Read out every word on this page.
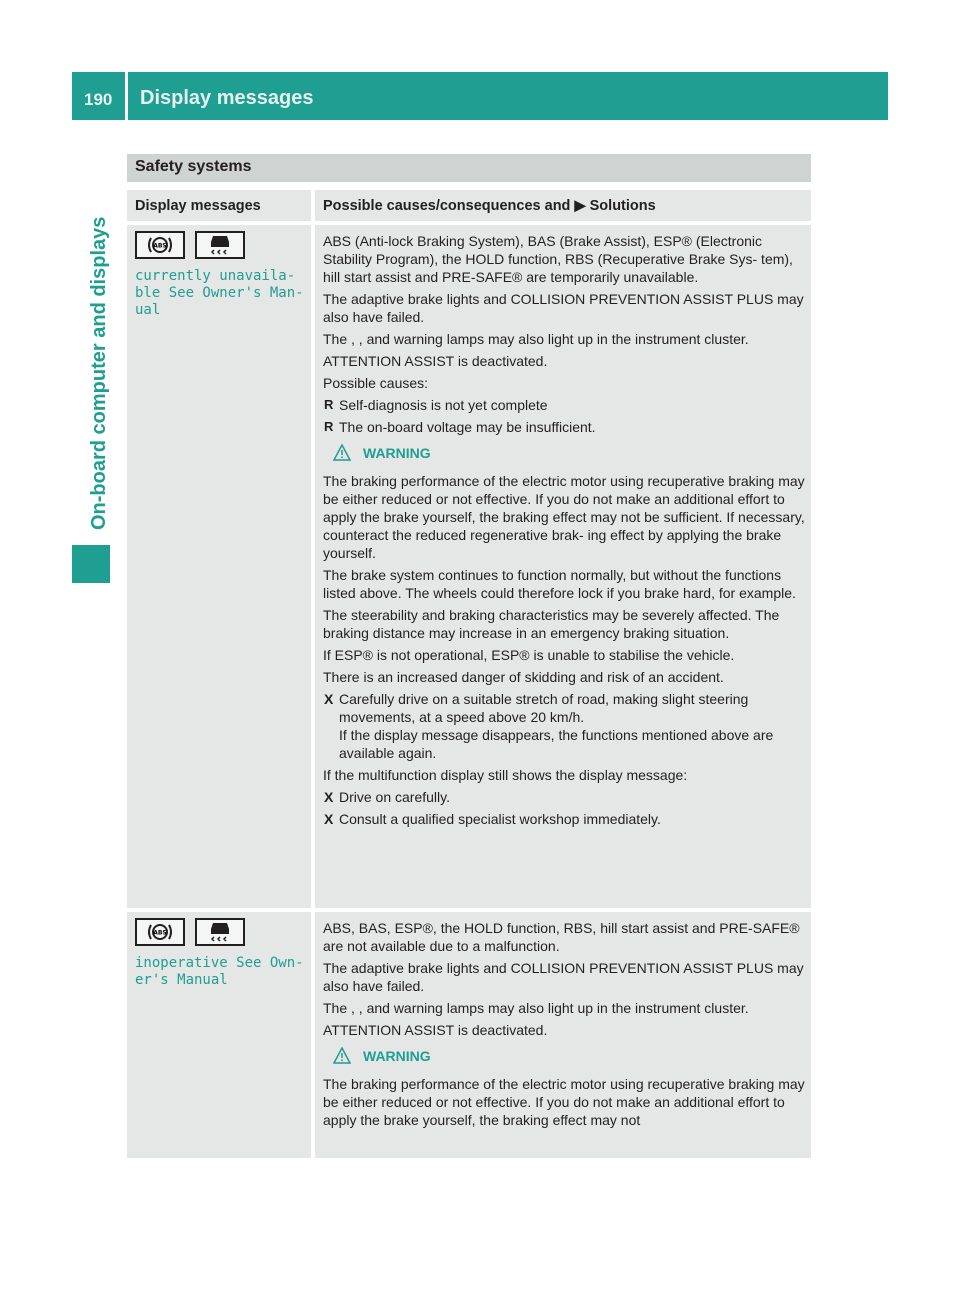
190 Display messages
On-board computer and displays
Safety systems
Display messages	Possible causes/consequences and ▶ Solutions
ABS
currently unavaila‐
ble See Owner's Man‐
ual

ABS (Anti-lock Braking System), BAS (Brake Assist), ESP® (Electronic Stability Program), the HOLD function, RBS (Recuperative Brake Sys- tem), hill start assist and PRE-SAFE® are temporarily unavailable.

The adaptive brake lights and COLLISION PREVENTION ASSIST PLUS may also have failed.

The , , and warning lamps may also light up in the instrument cluster.

ATTENTION ASSIST is deactivated.

Possible causes:

R Self-diagnosis is not yet complete
R The on-board voltage may be insufficient.
WARNING

The braking performance of the electric motor using recuperative braking may be either reduced or not effective. If you do not make an additional effort to apply the brake yourself, the braking effect may not be sufficient. If necessary, counteract the reduced regenerative brak- ing effect by applying the brake yourself.

The brake system continues to function normally, but without the functions listed above. The wheels could therefore lock if you brake hard, for example.

The steerability and braking characteristics may be severely affected. The braking distance may increase in an emergency braking situation.

If ESP® is not operational, ESP® is unable to stabilise the vehicle.

There is an increased danger of skidding and risk of an accident.

X Carefully drive on a suitable stretch of road, making slight steering movements, at a speed above 20 km/h.
If the display message disappears, the functions mentioned above are available again.

If the multifunction display still shows the display message:

X Drive on carefully.
X Consult a qualified specialist workshop immediately.
ABS
inoperative See Own‐
er's Manual

ABS, BAS, ESP®, the HOLD function, RBS, hill start assist and PRE-SAFE® are not available due to a malfunction.

The adaptive brake lights and COLLISION PREVENTION ASSIST PLUS may also have failed.

The , , and warning lamps may also light up in the instrument cluster.

ATTENTION ASSIST is deactivated.

WARNING

The braking performance of the electric motor using recuperative braking may be either reduced or not effective. If you do not make an additional effort to apply the brake yourself, the braking effect may not
